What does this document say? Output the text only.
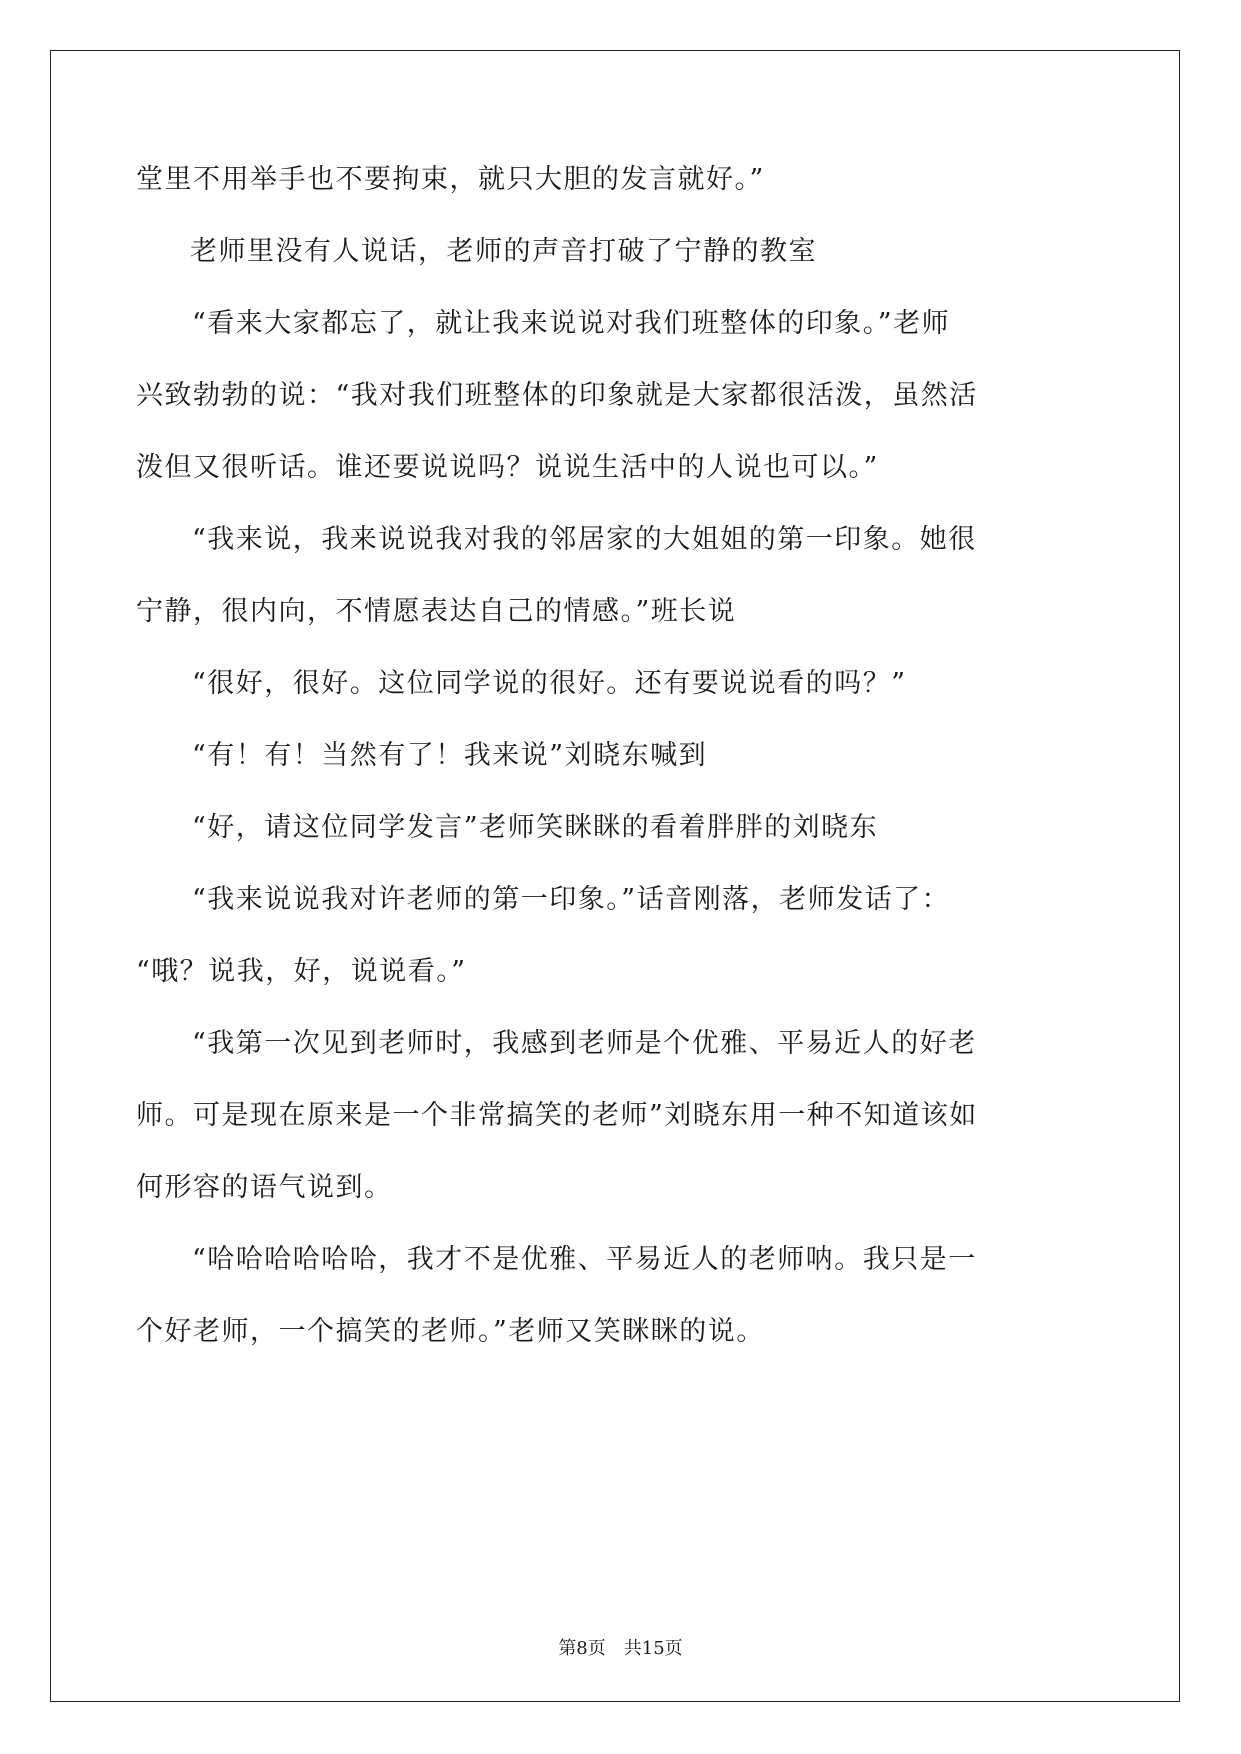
堂里不用举手也不要拘束，就只大胆的发言就好。”
老师里没有人说话，老师的声音打破了宁静的教室
“看来大家都忘了，就让我来说说对我们班整体的印象。”老师
兴致勃勃的说：“我对我们班整体的印象就是大家都很活泼，虽然活
泼但又很听话。谁还要说说吗？说说生活中的人说也可以。”
“我来说，我来说说我对我的邻居家的大姐姐的第一印象。她很
宁静，很内向，不情愿表达自己的情感。”班长说
“很好，很好。这位同学说的很好。还有要说说看的吗？”
“有！有！当然有了！我来说”刘晓东喊到
“好，请这位同学发言”老师笑眯眯的看着胖胖的刘晓东
“我来说说我对许老师的第一印象。”话音刚落，老师发话了：
“哦？说我，好，说说看。”
“我第一次见到老师时，我感到老师是个优雅、平易近人的好老
师。可是现在原来是一个非常搞笑的老师”刘晓东用一种不知道该如
何形容的语气说到。
“哈哈哈哈哈哈，我才不是优雅、平易近人的老师呐。我只是一
个好老师，一个搞笑的老师。”老师又笑眯眯的说。
第8页 共15页
